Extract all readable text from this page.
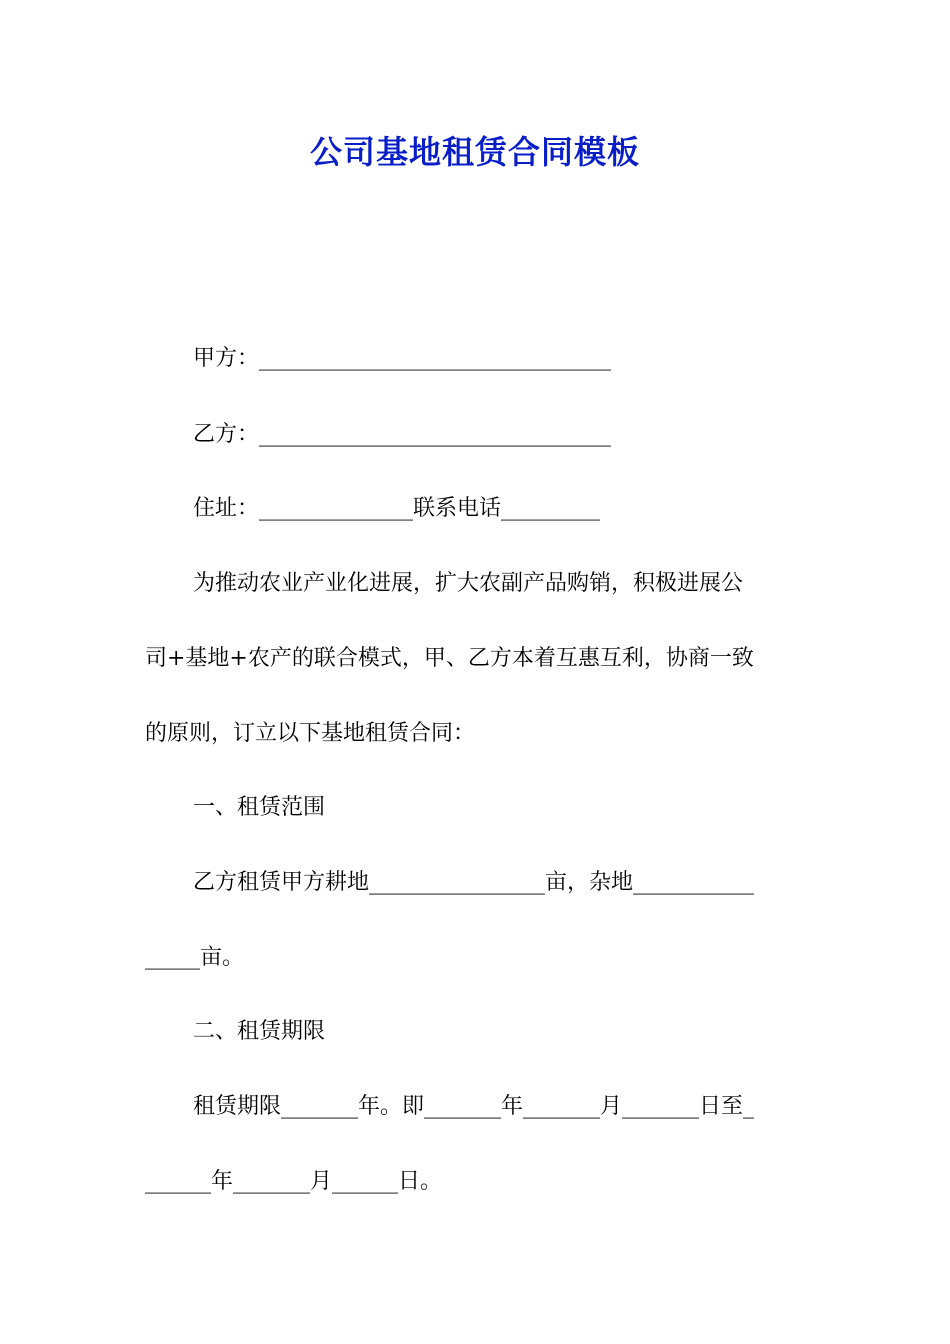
公司基地租赁合同模板
甲方：________________________________
乙方：________________________________
住址：______________联系电话_________
为推动农业产业化进展，扩大农副产品购销，积极进展公
司+基地+农产的联合模式，甲、乙方本着互惠互利，协商一致
的原则，订立以下基地租赁合同：
一、租赁范围
乙方租赁甲方耕地________________亩，杂地___________
_____亩。
二、租赁期限
租赁期限_______年。即_______年_______月_______日至_
______年_______月______日。
